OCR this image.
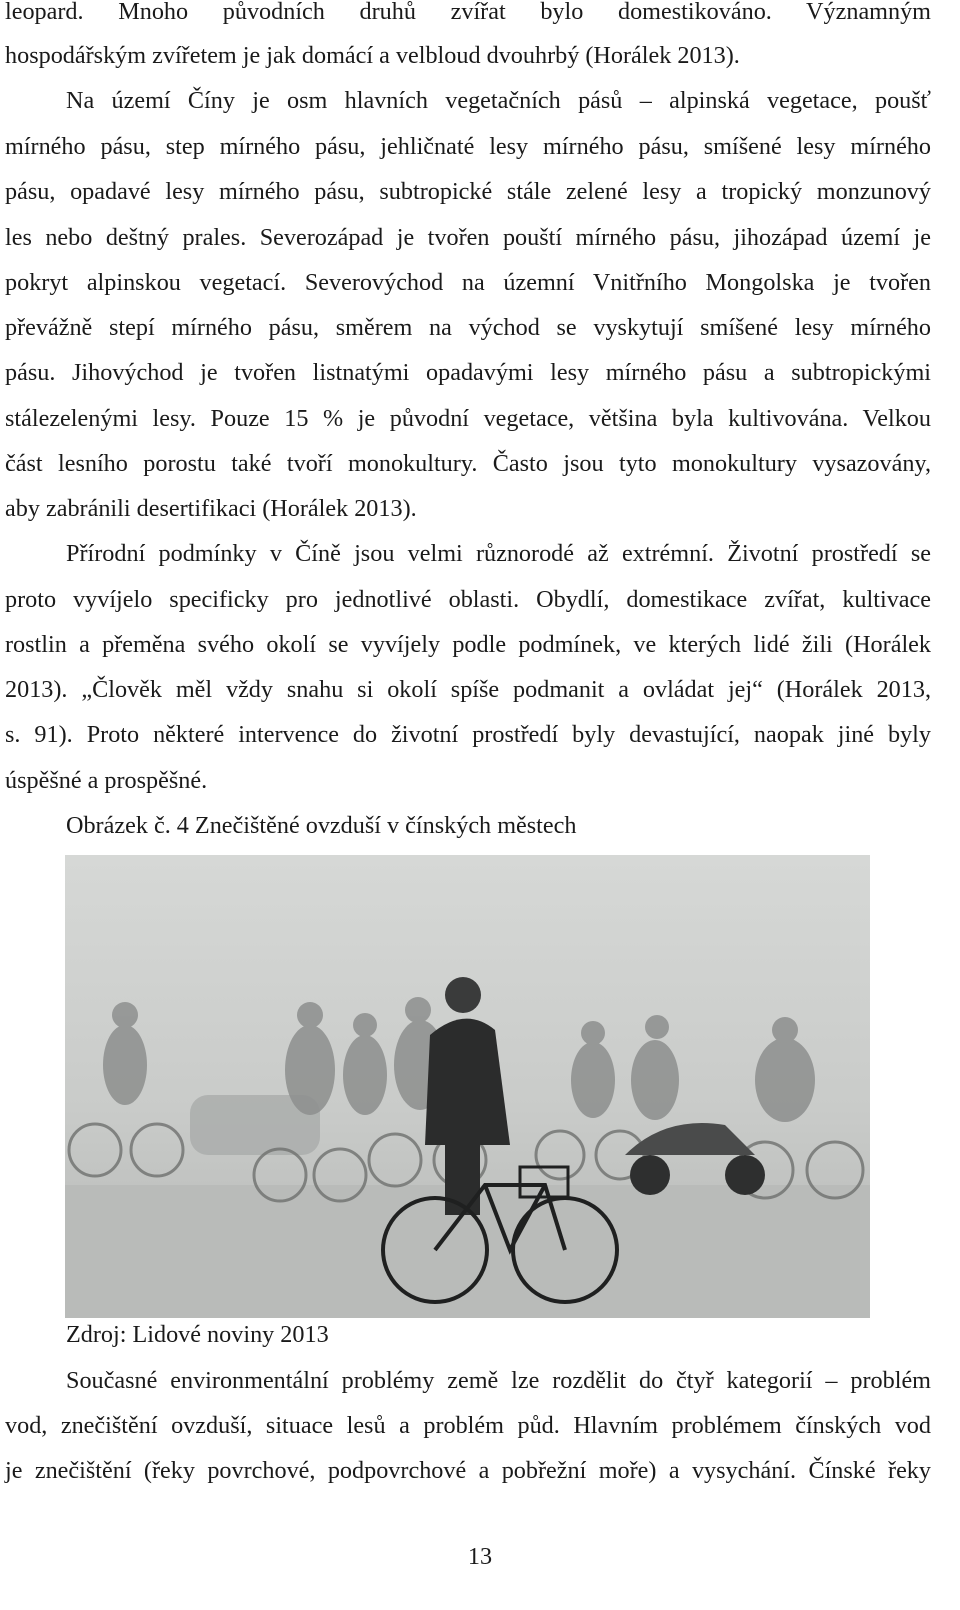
leopard. Mnoho původních druhů zvířat bylo domestikováno. Významným
hospodářským zvířetem je jak domácí a velbloud dvouhrbý (Horálek 2013).
Na území Číny je osm hlavních vegetačních pásů – alpinská vegetace, poušť
mírného pásu, step mírného pásu, jehličnaté lesy mírného pásu, smíšené lesy mírného
pásu, opadavé lesy mírného pásu, subtropické stále zelené lesy a tropický monzunový
les nebo deštný prales. Severozápad je tvořen pouští mírného pásu, jihozápad území je
pokryt alpinskou vegetací. Severovýchod na územní Vnitřního Mongolska je tvořen
převážně stepí mírného pásu, směrem na východ se vyskytují smíšené lesy mírného
pásu. Jihovýchod je tvořen listnatými opadavými lesy mírného pásu a subtropickými
stálezelenými lesy. Pouze 15 % je původní vegetace, většina byla kultivována. Velkou
část lesního porostu také tvoří monokultury. Často jsou tyto monokultury vysazovány,
aby zabránili desertifikaci (Horálek 2013).
Přírodní podmínky v Číně jsou velmi různorodé až extrémní. Životní prostředí se
proto vyvíjelo specificky pro jednotlivé oblasti. Obydlí, domestikace zvířat, kultivace
rostlin a přeměna svého okolí se vyvíjely podle podmínek, ve kterých lidé žili (Horálek
2013). „Člověk měl vždy snahu si okolí spíše podmanit a ovládat jej“ (Horálek 2013,
s. 91). Proto některé intervence do životní prostředí byly devastující, naopak jiné byly
úspěšné a prospěšné.
Obrázek č. 4 Znečištěné ovzduší v čínských městech
Zdroj: Lidové noviny 2013
Současné environmentální problémy země lze rozdělit do čtyř kategorií – problém
vod, znečištění ovzduší, situace lesů a problém půd. Hlavním problémem čínských vod
je znečištění (řeky povrchové, podpovrchové a pobřežní moře) a vysychání. Čínské řeky
13
